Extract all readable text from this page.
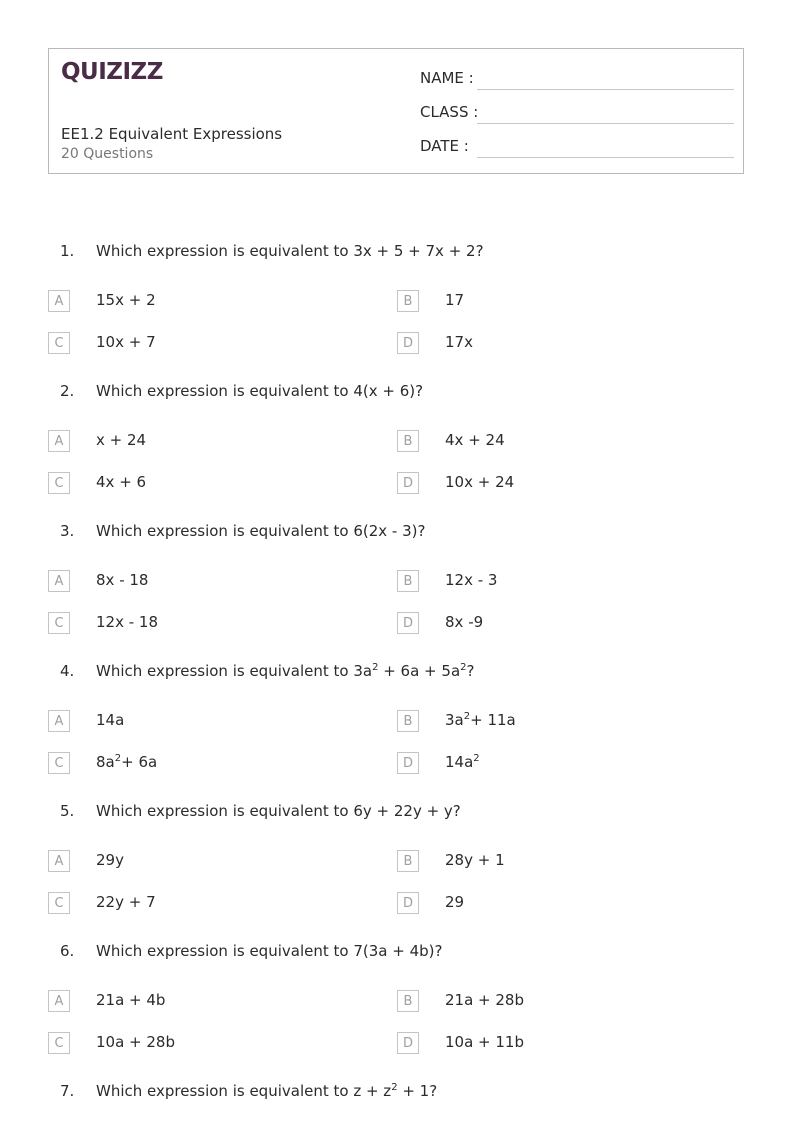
QUIZIZZ
EE1.2 Equivalent Expressions
20 Questions
NAME :
CLASS :
DATE :
1. Which expression is equivalent to 3x + 5 + 7x + 2?
A	15x + 2	B	17
C	10x + 7	D	17x
2. Which expression is equivalent to 4(x + 6)?
A	x + 24	B	4x + 24
C	4x + 6	D	10x + 24
3. Which expression is equivalent to 6(2x - 3)?
A	8x - 18	B	12x - 3
C	12x - 18	D	8x -9
4. Which expression is equivalent to $3a^2 + 6a + 5a^2$?
A	14a	B	$3a^2+ 11a$
C	$8a^2+ 6a$	D	$14a^2$
5. Which expression is equivalent to 6y + 22y + y?
A	29y	B	28y + 1
C	22y + 7	D	29
6. Which expression is equivalent to 7(3a + 4b)?
A	21a + 4b	B	21a + 28b
C	10a + 28b	D	10a + 11b
7. Which expression is equivalent to $z + z^2 + 1$?
